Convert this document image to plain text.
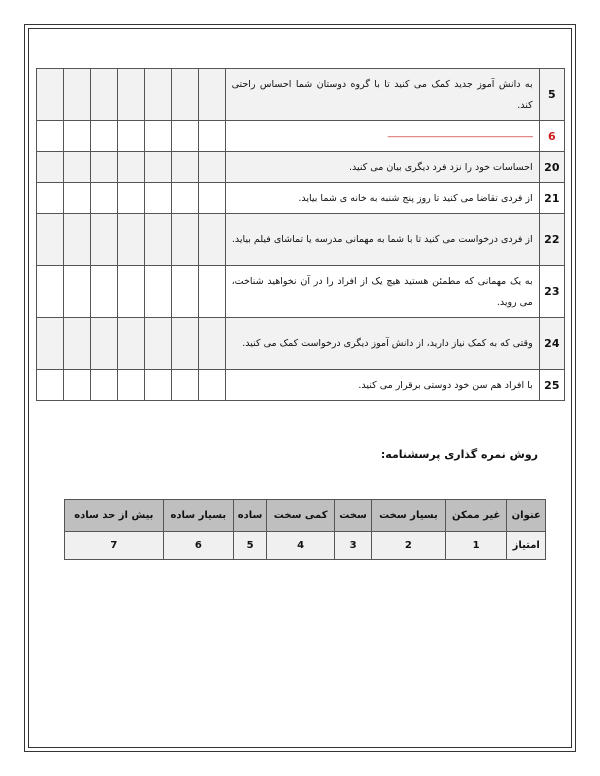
5	به دانش آموز جدید کمک می کنید تا با گروه دوستان شما احساس راحتی کند.							
6	-----------------------------------------------------------------------------							

20	احساسات خود را نزد فرد دیگری بیان می کنید.							
21	از فردی تقاضا می کنید تا روز پنج شنبه به خانه ی شما بیاید.							
22	از فردی درخواست می کنید تا با شما به مهمانی مدرسه یا تماشای فیلم بیاید.							
23	به یک مهمانی که مطمئن هستید هیچ یک از افراد را در آن نخواهید شناخت، می روید.							
24	وقتی که به کمک نیاز دارید، از دانش آموز دیگری درخواست کمک می کنید.							
25	با افراد هم سن خود دوستی برقرار می کنید.							
روش نمره گذاری پرسشنامه:
عنوان	غیر ممکن	بسیار سخت	سخت	کمی سخت	ساده	بسیار ساده	بیش از حد ساده
امتیاز	1	2	3	4	5	6	7
